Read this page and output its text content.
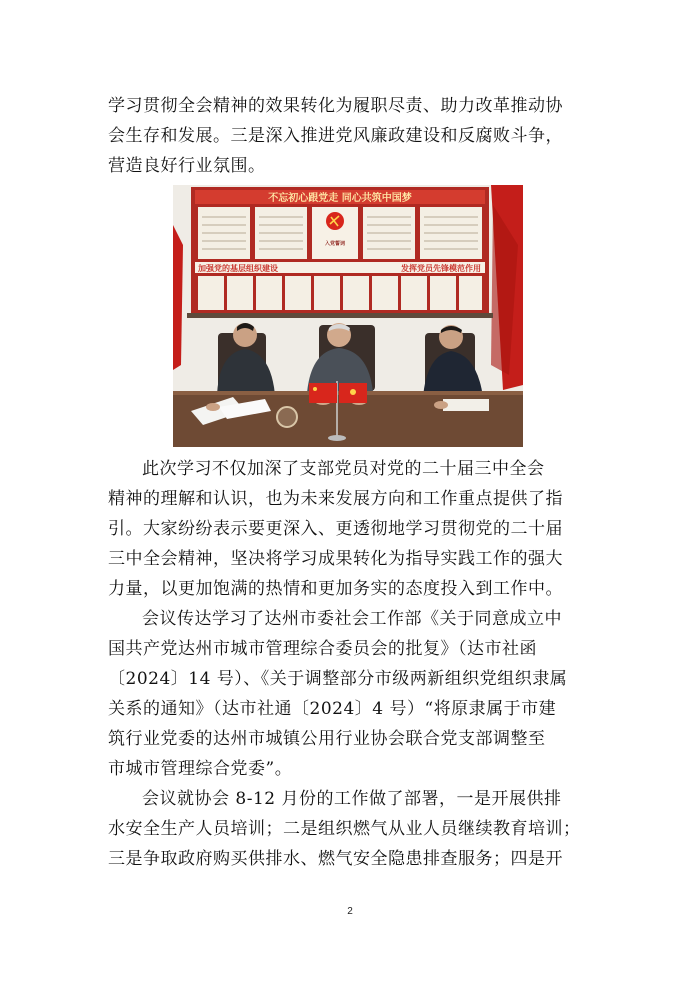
学习贯彻全会精神的效果转化为履职尽责、助力改革推动协
会生存和发展。三是深入推进党风廉政建设和反腐败斗争，
营造良好行业氛围。
不忘初心跟党走 同心共筑中国梦
入党誓词
加强党的基层组织建设	发挥党员先锋模范作用
此次学习不仅加深了支部党员对党的二十届三中全会
精神的理解和认识，也为未来发展方向和工作重点提供了指
引。大家纷纷表示要更深入、更透彻地学习贯彻党的二十届
三中全会精神，坚决将学习成果转化为指导实践工作的强大
力量，以更加饱满的热情和更加务实的态度投入到工作中。
会议传达学习了达州市委社会工作部《关于同意成立中
国共产党达州市城市管理综合委员会的批复》（达市社函
〔2024〕14 号）、《关于调整部分市级两新组织党组织隶属
关系的通知》（达市社通〔2024〕4 号）“将原隶属于市建
筑行业党委的达州市城镇公用行业协会联合党支部调整至
市城市管理综合党委”。
会议就协会 8-12 月份的工作做了部署，一是开展供排
水安全生产人员培训；二是组织燃气从业人员继续教育培训；
三是争取政府购买供排水、燃气安全隐患排查服务；四是开
2
